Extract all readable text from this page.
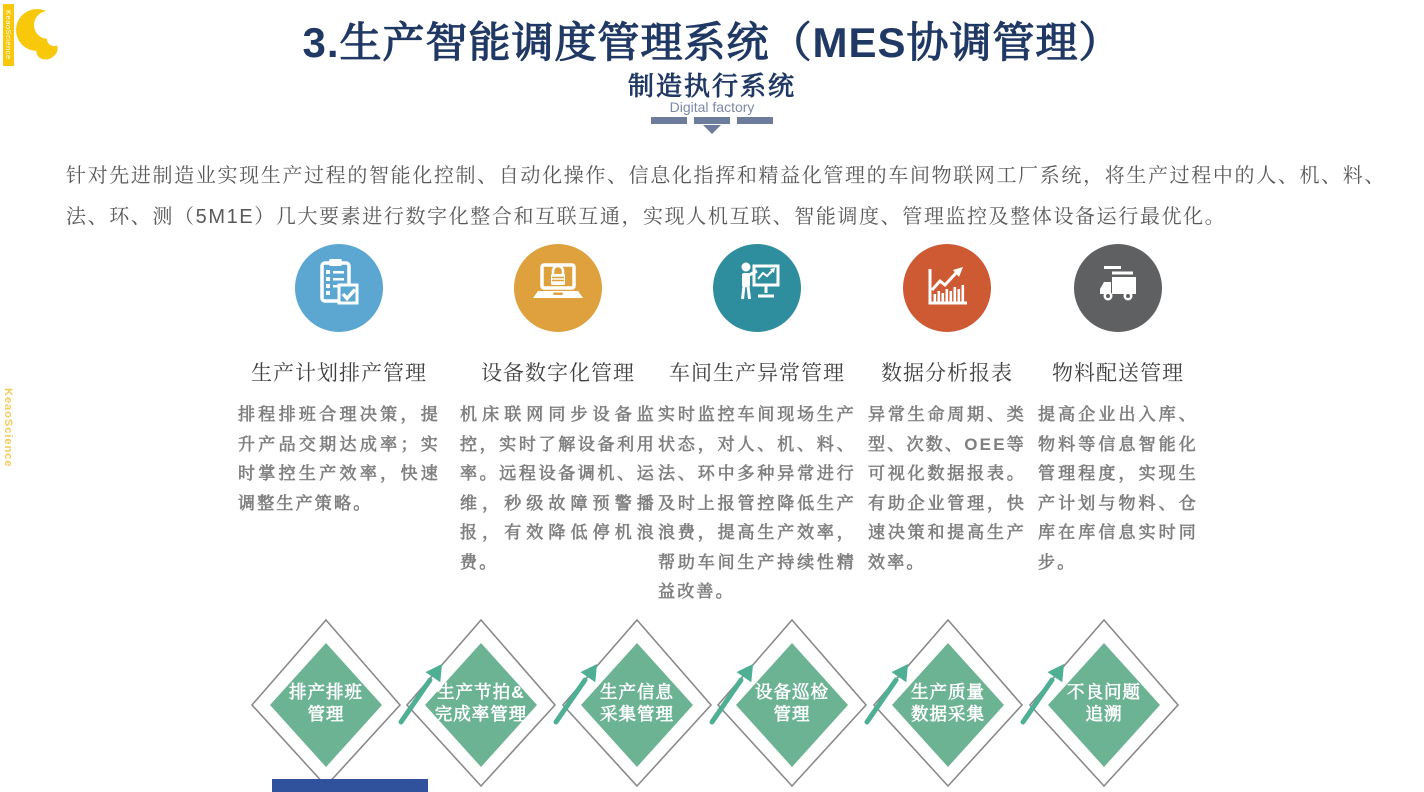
KeaoScience
KeaoScience
3.生产智能调度管理系统（MES协调管理）
制造执行系统
Digital factory

针对先进制造业实现生产过程的智能化控制、自动化操作、信息化指挥和精益化管理的车间物联网工厂系统，将生产过程中的人、机、料、法、环、测（5M1E）几大要素进行数字化整合和互联互通，实现人机互联、智能调度、管理监控及整体设备运行最优化。

生产计划排产管理

排程排班合理决策，提升产品交期达成率；实时掌控生产效率，快速调整生产策略。

设备数字化管理

机床联网同步设备监控，实时了解设备利用率。远程设备调机、运维，秒级故障预警播报，有效降低停机浪费。

车间生产异常管理

实时监控车间现场生产状态，对人、机、料、法、环中多种异常进行及时上报管控降低生产浪费，提高生产效率，帮助车间生产持续性精益改善。

数据分析报表

异常生命周期、类型、次数、OEE等可视化数据报表。有助企业管理，快速决策和提高生产效率。

物料配送管理

提高企业出入库、物料等信息智能化管理程度，实现生产计划与物料、仓库在库信息实时同步。

排产排班
管理
生产节拍&
完成率管理
生产信息
采集管理
设备巡检
管理
生产质量
数据采集
不良问题
追溯
